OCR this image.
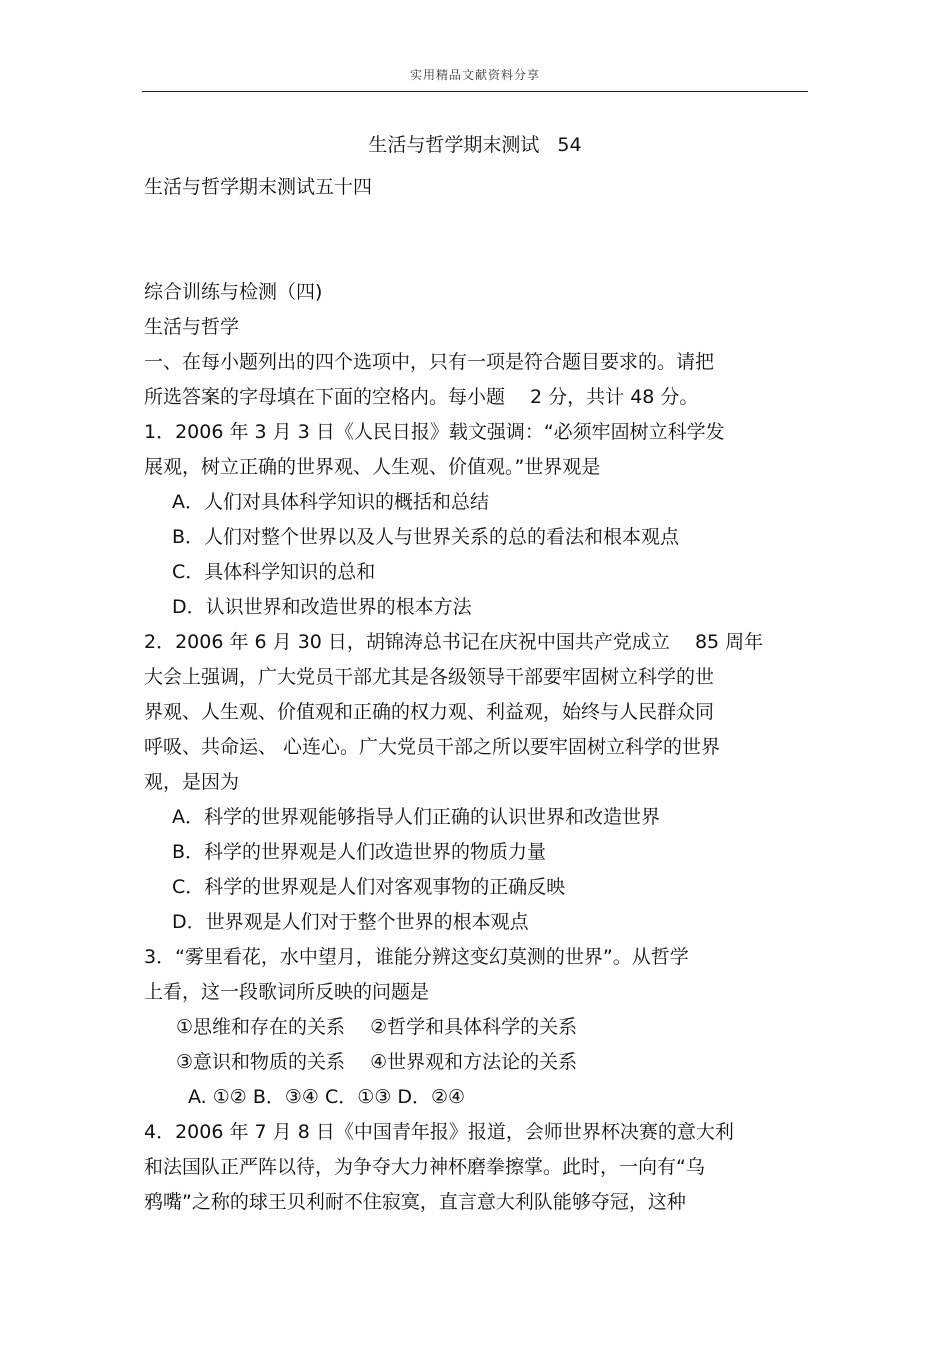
实用精品文献资料分享
生活与哲学期末测试 54
生活与哲学期末测试五十四
综合训练与检测（四)
生活与哲学
一、在每小题列出的四个选项中，只有一项是符合题目要求的。请把
所选答案的字母填在下面的空格内。每小题　 2 分，共计 48 分。
1．2006 年 3 月 3 日《人民日报》载文强调：“必须牢固树立科学发
展观，树立正确的世界观、人生观、价值观。”世界观是
A．人们对具体科学知识的概括和总结
B．人们对整个世界以及人与世界关系的总的看法和根本观点
C．具体科学知识的总和
D．认识世界和改造世界的根本方法
2．2006 年 6 月 30 日，胡锦涛总书记在庆祝中国共产党成立　 85 周年
大会上强调，广大党员干部尤其是各级领导干部要牢固树立科学的世
界观、人生观、价值观和正确的权力观、利益观，始终与人民群众同
呼吸、共命运、 心连心。广大党员干部之所以要牢固树立科学的世界
观，是因为
A．科学的世界观能够指导人们正确的认识世界和改造世界
B．科学的世界观是人们改造世界的物质力量
C．科学的世界观是人们对客观事物的正确反映
D．世界观是人们对于整个世界的根本观点
3．“雾里看花，水中望月，谁能分辨这变幻莫测的世界”。从哲学
上看，这一段歌词所反映的问题是
①思维和存在的关系　 ②哲学和具体科学的关系
③意识和物质的关系　 ④世界观和方法论的关系
A. ①② B．③④ C．①③ D．②④
4．2006 年 7 月 8 日《中国青年报》报道，会师世界杯决赛的意大利
和法国队正严阵以待，为争夺大力神杯磨拳擦掌。此时，一向有“乌
鸦嘴”之称的球王贝利耐不住寂寞，直言意大利队能够夺冠，这种
